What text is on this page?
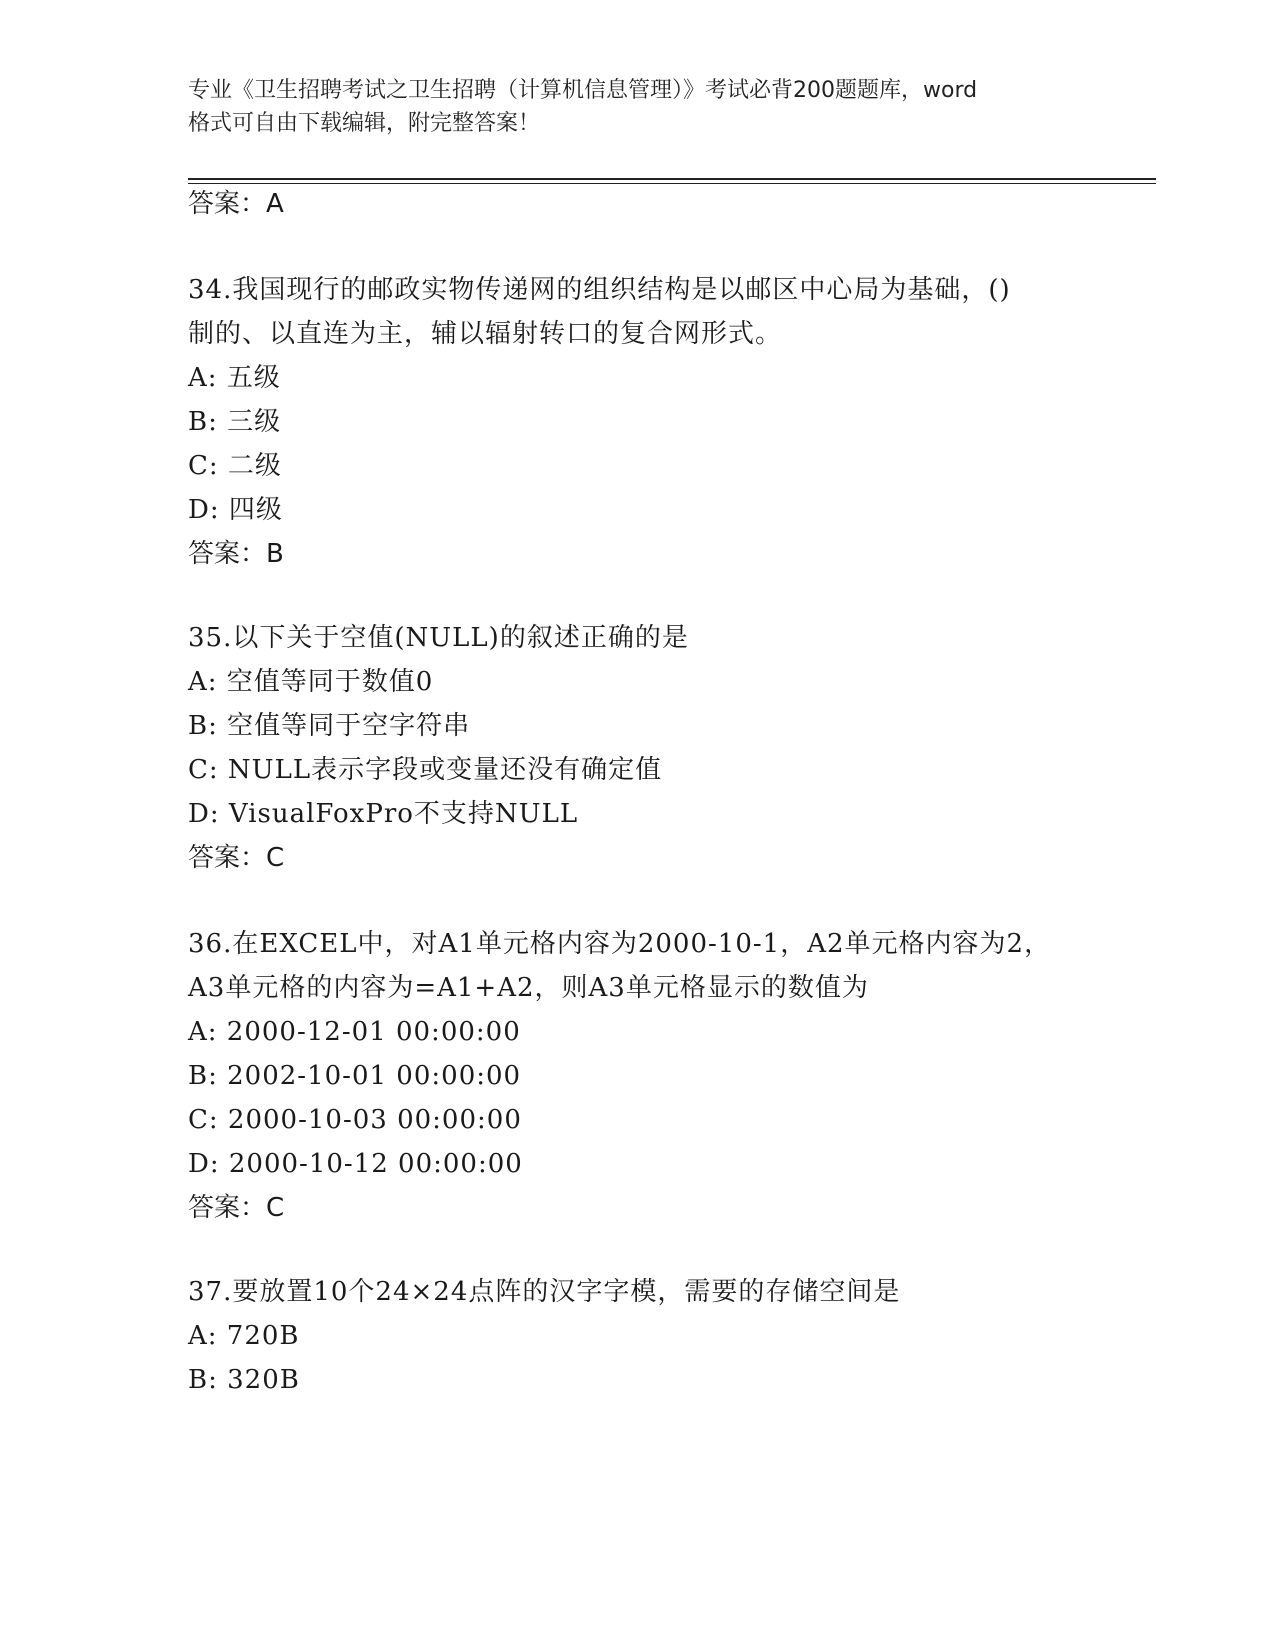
专业《卫生招聘考试之卫生招聘（计算机信息管理）》考试必背200题题库，word
格式可自由下载编辑，附完整答案！
答案：A
34.我国现行的邮政实物传递网的组织结构是以邮区中心局为基础，()
制的、以直连为主，辅以辐射转口的复合网形式。
A: 五级
B: 三级
C: 二级
D: 四级
答案：B
35.以下关于空值(NULL)的叙述正确的是
A: 空值等同于数值0
B: 空值等同于空字符串
C: NULL表示字段或变量还没有确定值
D: VisualFoxPro不支持NULL
答案：C
36.在EXCEL中，对A1单元格内容为2000-10-1，A2单元格内容为2，
A3单元格的内容为=A1+A2，则A3单元格显示的数值为
A: 2000-12-01 00:00:00
B: 2002-10-01 00:00:00
C: 2000-10-03 00:00:00
D: 2000-10-12 00:00:00
答案：C
37.要放置10个24×24点阵的汉字字模，需要的存储空间是
A: 720B
B: 320B
